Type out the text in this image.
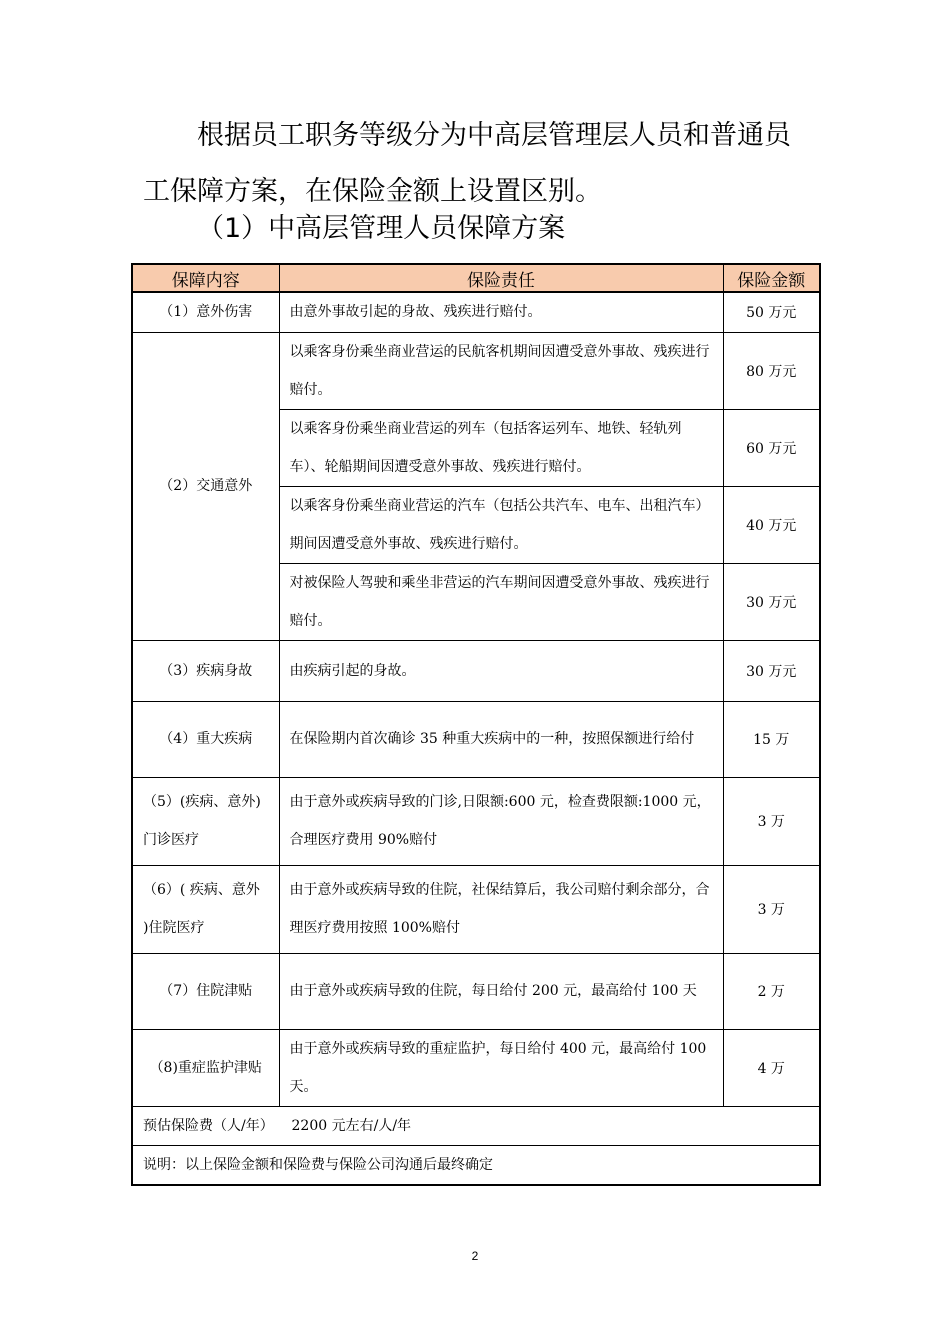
根据员工职务等级分为中高层管理层人员和普通员工保障方案，在保险金额上设置区别。

（1）中高层管理人员保障方案

保障内容	保险责任	保险金额
（1）意外伤害	由意外事故引起的身故、残疾进行赔付。	50 万元
（2）交通意外	以乘客身份乘坐商业营运的民航客机期间因遭受意外事故、残疾进行赔付。	80 万元
	以乘客身份乘坐商业营运的列车（包括客运列车、地铁、轻轨列车）、轮船期间因遭受意外事故、残疾进行赔付。	60 万元
	以乘客身份乘坐商业营运的汽车（包括公共汽车、电车、出租汽车）期间因遭受意外事故、残疾进行赔付。	40 万元
	对被保险人驾驶和乘坐非营运的汽车期间因遭受意外事故、残疾进行赔付。	30 万元
（3）疾病身故	由疾病引起的身故。	30 万元
（4）重大疾病	在保险期内首次确诊 35 种重大疾病中的一种，按照保额进行给付	15 万
（5）(疾病、意外)门诊医疗	由于意外或疾病导致的门诊,日限额:600 元，检查费限额:1000 元，合理医疗费用 90%赔付	3 万
（6）( 疾病、意外 )住院医疗	由于意外或疾病导致的住院，社保结算后，我公司赔付剩余部分，合理医疗费用按照 100%赔付	3 万
（7）住院津贴	由于意外或疾病导致的住院，每日给付 200 元，最高给付 100 天	2 万
（8)重症监护津贴	由于意外或疾病导致的重症监护，每日给付 400 元，最高给付 100 天。	4 万
预估保险费（人/年）    2200 元左右/人/年		
说明：以上保险金额和保险费与保险公司沟通后最终确定		
2
